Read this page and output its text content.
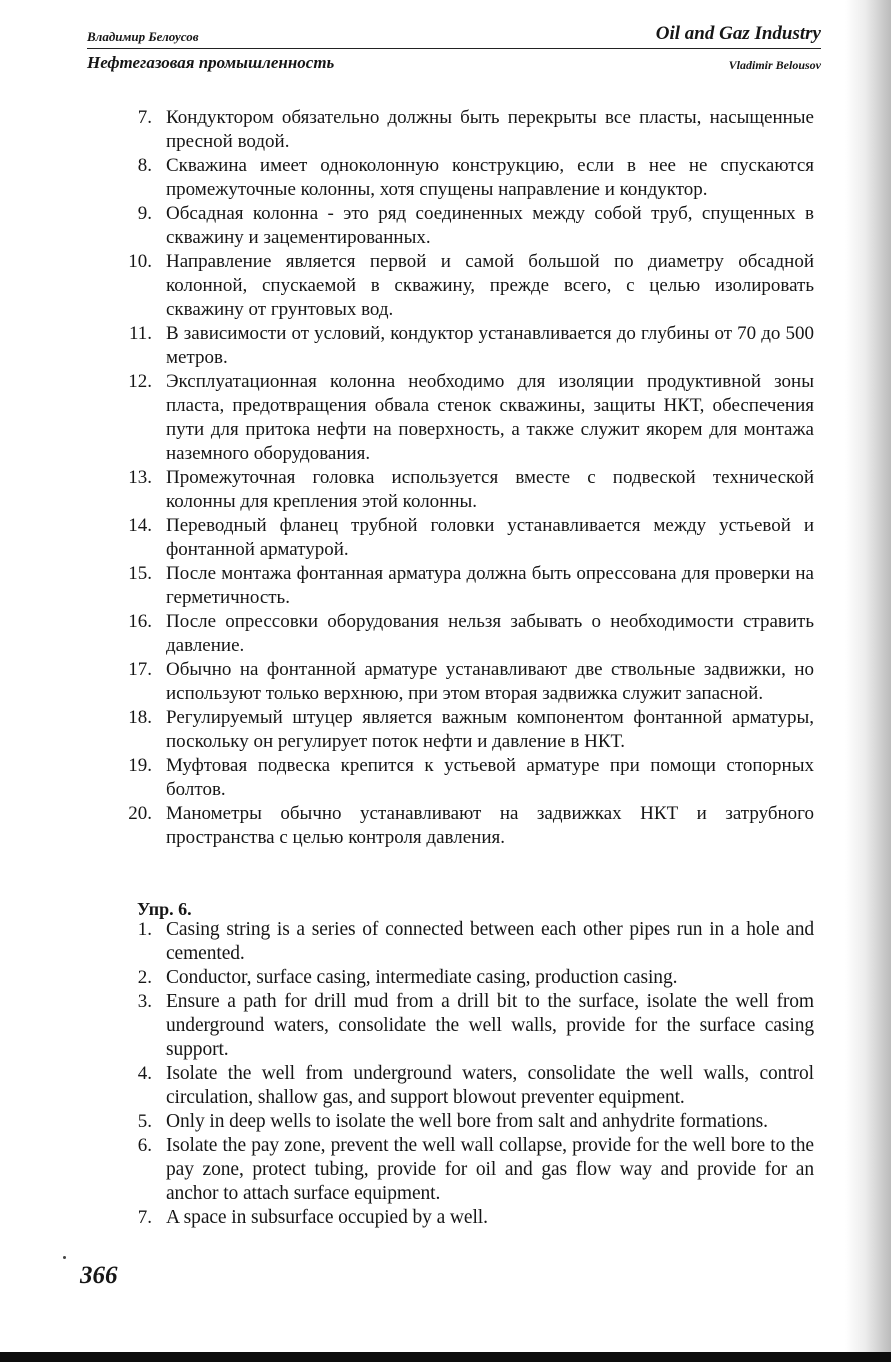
Владимир Белоусов	Oil and Gaz Industry
Нефтегазовая промышленность	Vladimir Belousov
7. Кондуктором обязательно должны быть перекрыты все пласты, насыщенные пресной водой.
8. Скважина имеет одноколонную конструкцию, если в нее не спускаются промежуточные колонны, хотя спущены направление и кондуктор.
9. Обсадная колонна - это ряд соединенных между собой труб, спущенных в скважину и зацементированных.
10. Направление является первой и самой большой по диаметру обсадной колонной, спускаемой в скважину, прежде всего, с целью изолировать скважину от грунтовых вод.
11. В зависимости от условий, кондуктор устанавливается до глубины от 70 до 500 метров.
12. Эксплуатационная колонна необходимо для изоляции продуктивной зоны пласта, предотвращения обвала стенок скважины, защиты НКТ, обеспечения пути для притока нефти на поверхность, а также служит якорем для монтажа наземного оборудования.
13. Промежуточная головка используется вместе с подвеской технической колонны для крепления этой колонны.
14. Переводный фланец трубной головки устанавливается между устьевой и фонтанной арматурой.
15. После монтажа фонтанная арматура должна быть опрессована для проверки на герметичность.
16. После опрессовки оборудования нельзя забывать о необходимости стравить давление.
17. Обычно на фонтанной арматуре устанавливают две ствольные задвижки, но используют только верхнюю, при этом вторая задвижка служит запасной.
18. Регулируемый штуцер является важным компонентом фонтанной арматуры, поскольку он регулирует поток нефти и давление в НКТ.
19. Муфтовая подвеска крепится к устьевой арматуре при помощи стопорных болтов.
20. Манометры обычно устанавливают на задвижках НКТ и затрубного пространства с целью контроля давления.
Упр. 6.
1. Casing string is a series of connected between each other pipes run in a hole and cemented.
2. Conductor, surface casing, intermediate casing, production casing.
3. Ensure a path for drill mud from a drill bit to the surface, isolate the well from underground waters, consolidate the well walls, provide for the surface casing support.
4. Isolate the well from underground waters, consolidate the well walls, control circulation, shallow gas, and support blowout preventer equipment.
5. Only in deep wells to isolate the well bore from salt and anhydrite formations.
6. Isolate the pay zone, prevent the well wall collapse, provide for the well bore to the pay zone, protect tubing, provide for oil and gas flow way and provide for an anchor to attach surface equipment.
7. A space in subsurface occupied by a well.
366
